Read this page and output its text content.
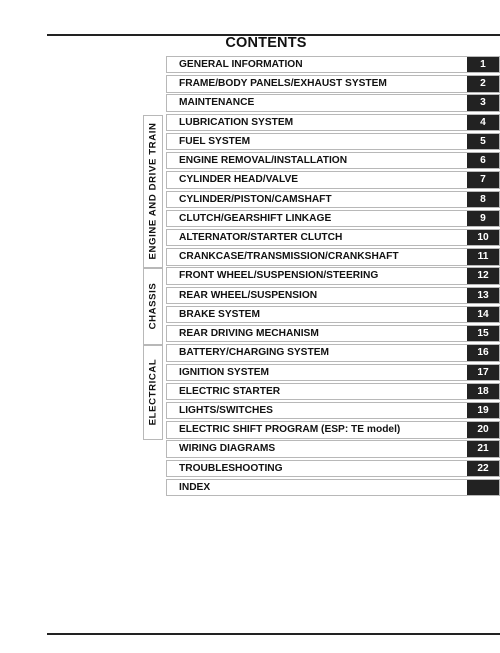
CONTENTS
ENGINE AND DRIVE TRAIN
CHASSIS
ELECTRICAL
GENERAL INFORMATION	1
FRAME/BODY PANELS/EXHAUST SYSTEM	2
MAINTENANCE	3
LUBRICATION SYSTEM	4
FUEL SYSTEM	5
ENGINE REMOVAL/INSTALLATION	6
CYLINDER HEAD/VALVE	7
CYLINDER/PISTON/CAMSHAFT	8
CLUTCH/GEARSHIFT LINKAGE	9
ALTERNATOR/STARTER CLUTCH	10
CRANKCASE/TRANSMISSION/CRANKSHAFT	11
FRONT WHEEL/SUSPENSION/STEERING	12
REAR WHEEL/SUSPENSION	13
BRAKE SYSTEM	14
REAR DRIVING MECHANISM	15
BATTERY/CHARGING SYSTEM	16
IGNITION SYSTEM	17
ELECTRIC STARTER	18
LIGHTS/SWITCHES	19
ELECTRIC SHIFT PROGRAM (ESP: TE model)	20
WIRING DIAGRAMS	21
TROUBLESHOOTING	22
INDEX
